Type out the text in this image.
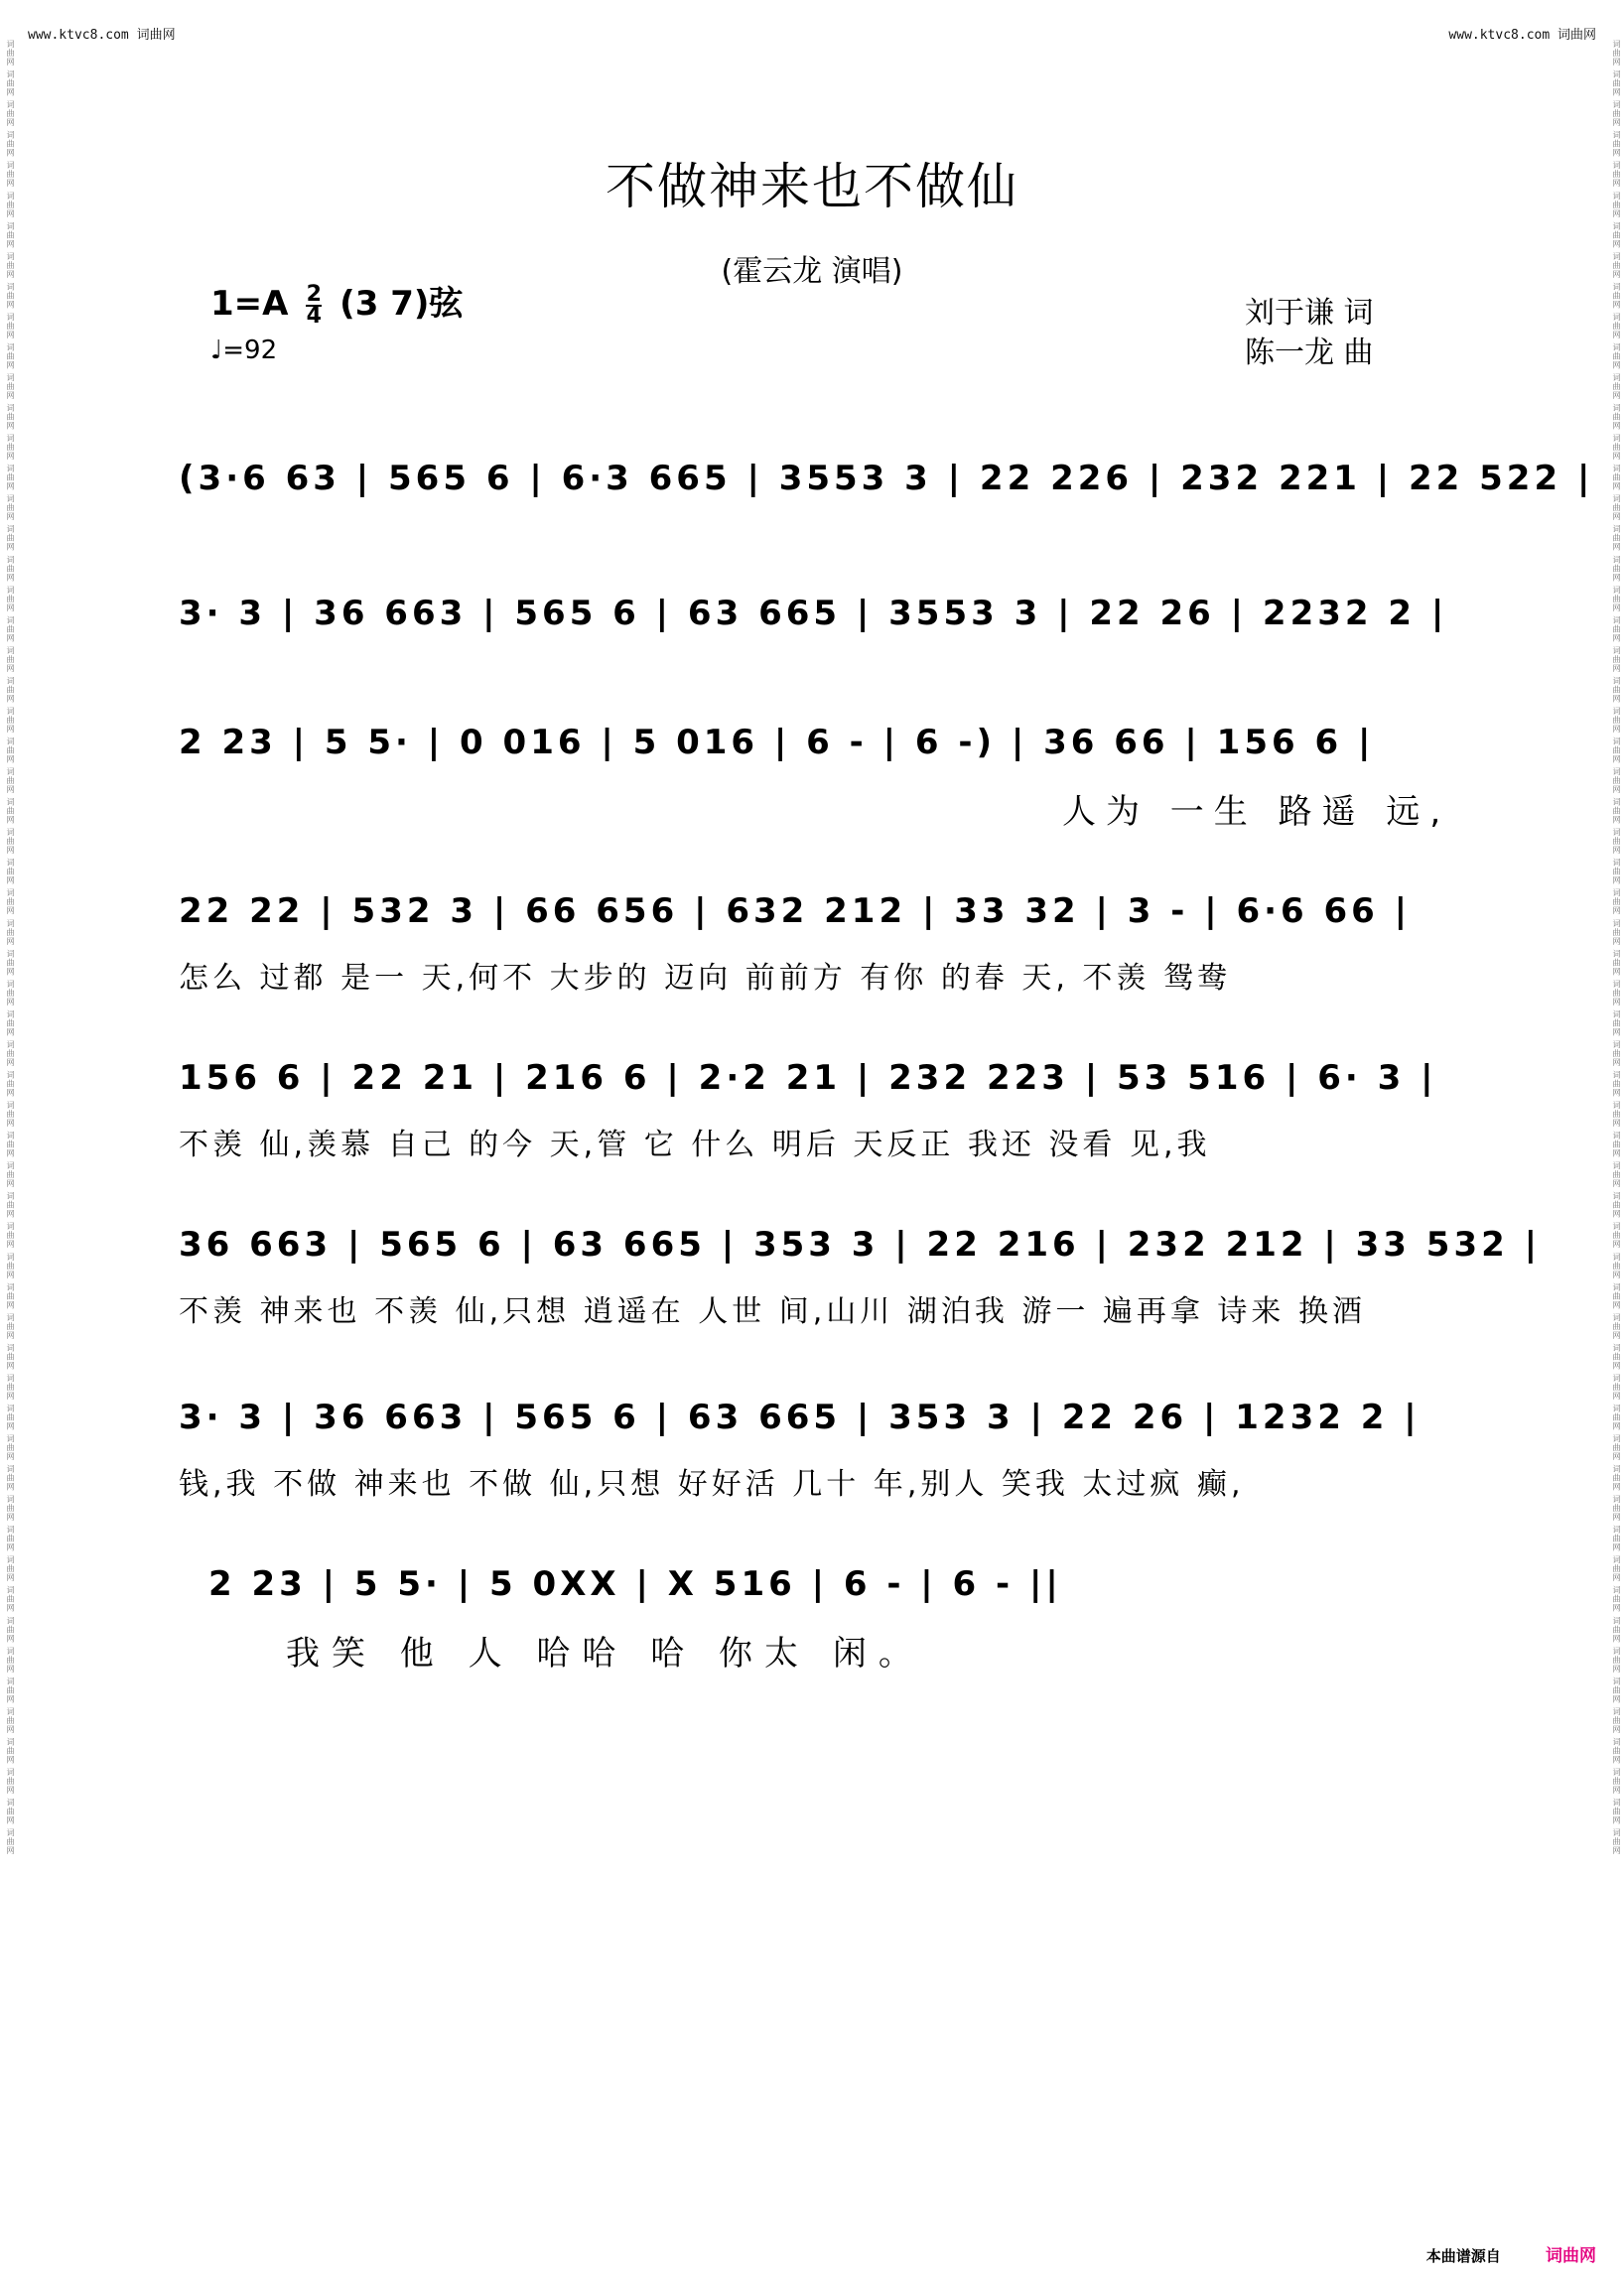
www.ktvc8.com 词曲网	www.ktvc8.com 词曲网
词曲网 词曲网 词曲网 词曲网 词曲网 词曲网 词曲网 词曲网 词曲网 词曲网 词曲网 词曲网 词曲网 词曲网 词曲网 词曲网 词曲网 词曲网 词曲网 词曲网 词曲网 词曲网 词曲网 词曲网 词曲网 词曲网 词曲网 词曲网 词曲网 词曲网 词曲网 词曲网 词曲网 词曲网 词曲网 词曲网 词曲网 词曲网 词曲网 词曲网 词曲网 词曲网 词曲网 词曲网 词曲网 词曲网 词曲网 词曲网 词曲网 词曲网 词曲网 词曲网 词曲网 词曲网 词曲网 词曲网 词曲网 词曲网 词曲网 词曲网	词曲网 词曲网 词曲网 词曲网 词曲网 词曲网 词曲网 词曲网 词曲网 词曲网 词曲网 词曲网 词曲网 词曲网 词曲网 词曲网 词曲网 词曲网 词曲网 词曲网 词曲网 词曲网 词曲网 词曲网 词曲网 词曲网 词曲网 词曲网 词曲网 词曲网 词曲网 词曲网 词曲网 词曲网 词曲网 词曲网 词曲网 词曲网 词曲网 词曲网 词曲网 词曲网 词曲网 词曲网 词曲网 词曲网 词曲网 词曲网 词曲网 词曲网 词曲网 词曲网 词曲网 词曲网 词曲网 词曲网 词曲网 词曲网 词曲网 词曲网
不做神来也不做仙
(霍云龙 演唱)
$1=A \frac{2}{4} (3$ 7)弦
♩=92
刘于谦 词
陈一龙 曲
(3·6 63 | 565 6 | 6·3 665 | 3553 3 | 22 226 | 232 221 | 22 522 |
3· 3 | 36 663 | 565 6 | 63 665 | 3553 3 | 22 26 | 2232 2 |
2 23 | 5 5· | 0 016 | 5 016 | 6 - | 6 -) | 36 66 | 156 6 |
人为 一生 路遥 远,
22 22 | 532 3 | 66 656 | 632 212 | 33 32 | 3 - | 6·6 66 |
怎么 过都 是一 天,何不 大步的 迈向 前前方 有你 的春 天, 不羡 鸳鸯
156 6 | 22 21 | 216 6 | 2·2 21 | 232 223 | 53 516 | 6· 3 |
不羡 仙,羡慕 自己 的今 天,管 它 什么 明后 天反正 我还 没看 见,我
36 663 | 565 6 | 63 665 | 353 3 | 22 216 | 232 212 | 33 532 |
不羡 神来也 不羡 仙,只想 逍遥在 人世 间,山川 湖泊我 游一 遍再拿 诗来 换酒
3· 3 | 36 663 | 565 6 | 63 665 | 353 3 | 22 26 | 1232 2 |
钱,我 不做 神来也 不做 仙,只想 好好活 几十 年,别人 笑我 太过疯 癫,
2 23 | 5 5· | 5 0XX | X 516 | 6 - | 6 - ||
我笑 他 人 哈哈 哈 你太 闲。
本曲谱源自	词曲网
